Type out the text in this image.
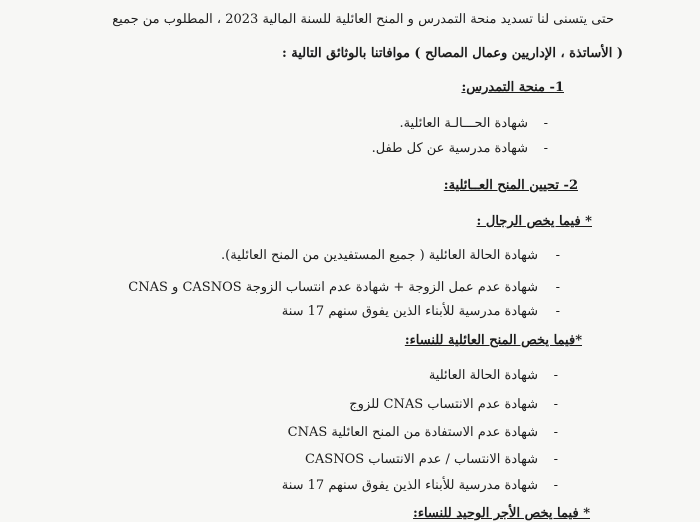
حتى يتسنى لنا تسديد منحة التمدرس و المنح العائلية للسنة المالية 2023 ، المطلوب من جميع
( الأساتذة ، الإداريين وعمال المصالح ) موافاتنا بالوثائق التالية :
1- منحة التمدرس:
-
شهادة الحـــالـة العائلية.
-
شهادة مدرسية عن كل طفل.
2- تحيين المنح العــائلية:
* فيما يخص الرجال :
-
شهادة الحالة العائلية ( جميع المستفيدين من المنح العائلية).
-
شهادة عدم عمل الزوجة + شهادة عدم انتساب الزوجة CASNOS و CNAS
-
شهادة مدرسية للأبناء الذين يفوق سنهم 17 سنة
*فيما يخص المنح العائلية للنساء:
-
شهادة الحالة العائلية
-
شهادة عدم الانتساب CNAS للزوج
-
شهادة عدم الاستفادة من المنح العائلية CNAS
-
شهادة الانتساب / عدم الانتساب CASNOS
-
شهادة مدرسية للأبناء الذين يفوق سنهم 17 سنة
* فيما يخص الأجر الوحيد للنساء:
